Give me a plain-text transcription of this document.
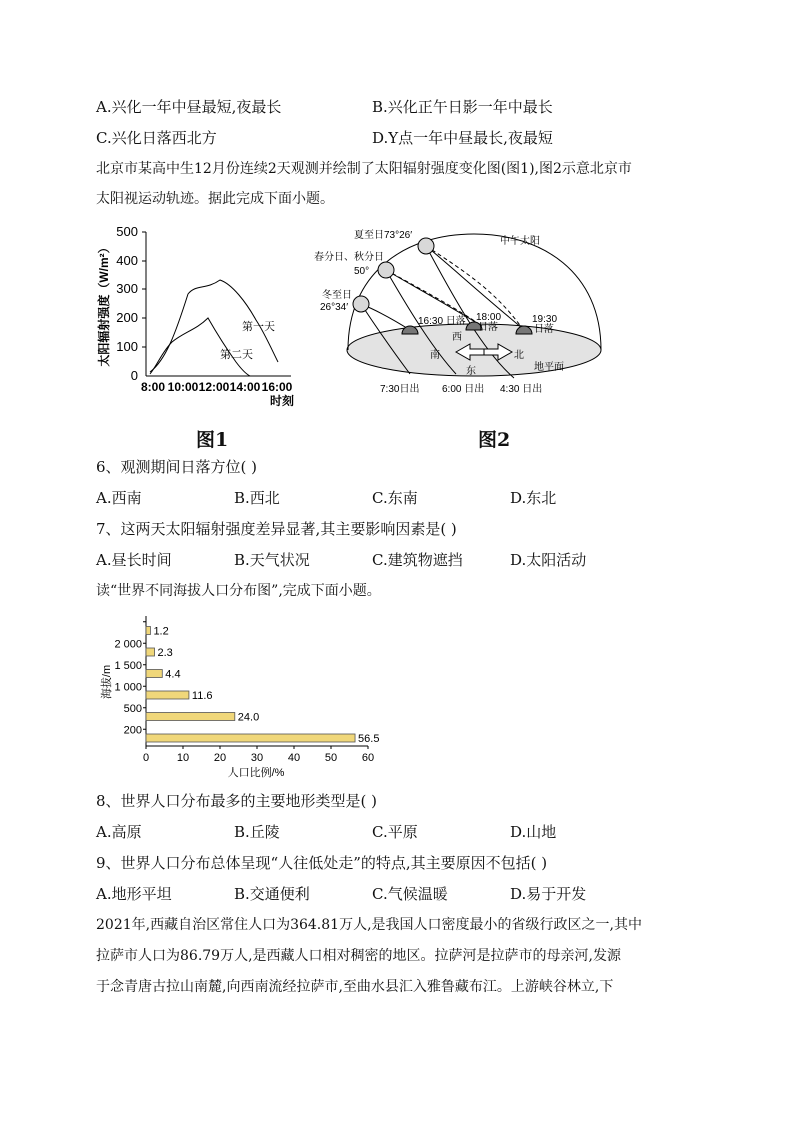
A.兴化一年中昼最短,夜最长	B.兴化正午日影一年中最长
C.兴化日落西北方	D.Y点一年中昼最长,夜最短
北京市某高中生12月份连续2天观测并绘制了太阳辐射强度变化图(图1),图2示意北京市
太阳视运动轨迹。据此完成下面小题。
0
100
200
300
400
500
8:00 10:00 12:00 14:00 16:00
时刻
太阳辐射强度（W/m²）	第一天
第二天
图1
夏至日73°26′
中午太阳
春分日、秋分日
50°
冬至日
26°34′
16:30 日落 18:00
日落
19:30
日落
西
南	北
东	地平面
7:30日出 6:00 日出 4:30 日出
图2
6、观测期间日落方位( )
A.西南	B.西北	C.东南	D.东北
7、这两天太阳辐射强度差异显著,其主要影响因素是( )
A.昼长时间	B.天气状况	C.建筑物遮挡	D.太阳活动
读“世界不同海拔人口分布图”,完成下面小题。
56.5
24.0
11.6
4.4
2.3
1.2
200
500
1 000
1 500
2 000
0	10 20 30 40 50 60
海拔/m
人口比例/%
8、世界人口分布最多的主要地形类型是( )
A.高原	B.丘陵	C.平原	D.山地
9、世界人口分布总体呈现“人往低处走”的特点,其主要原因不包括( )
A.地形平坦	B.交通便利	C.气候温暖	D.易于开发
2021年,西藏自治区常住人口为364.81万人,是我国人口密度最小的省级行政区之一,其中
拉萨市人口为86.79万人,是西藏人口相对稠密的地区。拉萨河是拉萨市的母亲河,发源
于念青唐古拉山南麓,向西南流经拉萨市,至曲水县汇入雅鲁藏布江。上游峡谷林立,下
